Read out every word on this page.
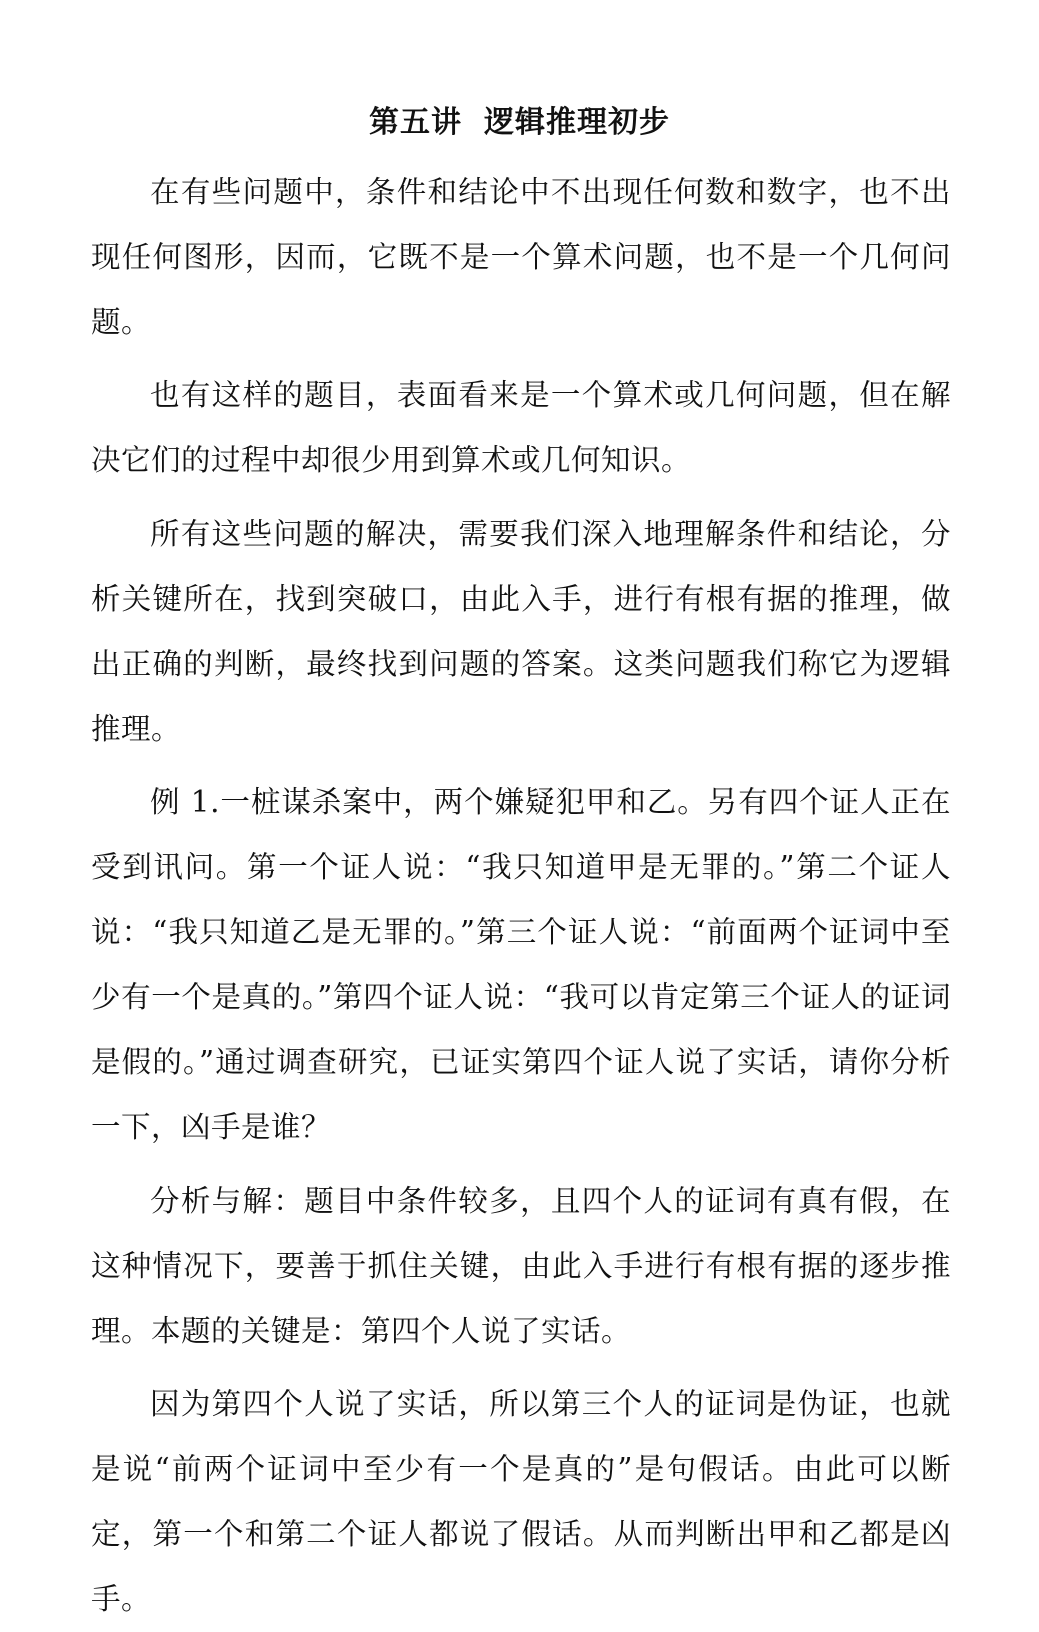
第五讲 逻辑推理初步

在有些问题中，条件和结论中不出现任何数和数字，也不出现任何图形，因而，它既不是一个算术问题，也不是一个几何问题。

也有这样的题目，表面看来是一个算术或几何问题，但在解决它们的过程中却很少用到算术或几何知识。

所有这些问题的解决，需要我们深入地理解条件和结论，分析关键所在，找到突破口，由此入手，进行有根有据的推理，做出正确的判断，最终找到问题的答案。这类问题我们称它为逻辑推理。

例 1.一桩谋杀案中，两个嫌疑犯甲和乙。另有四个证人正在受到讯问。第一个证人说：“我只知道甲是无罪的。”第二个证人说：“我只知道乙是无罪的。”第三个证人说：“前面两个证词中至少有一个是真的。”第四个证人说：“我可以肯定第三个证人的证词是假的。”通过调查研究，已证实第四个证人说了实话，请你分析一下，凶手是谁？

分析与解：题目中条件较多，且四个人的证词有真有假，在这种情况下，要善于抓住关键，由此入手进行有根有据的逐步推理。本题的关键是：第四个人说了实话。

因为第四个人说了实话，所以第三个人的证词是伪证，也就是说“前两个证词中至少有一个是真的”是句假话。由此可以断定，第一个和第二个证人都说了假话。从而判断出甲和乙都是凶手。
